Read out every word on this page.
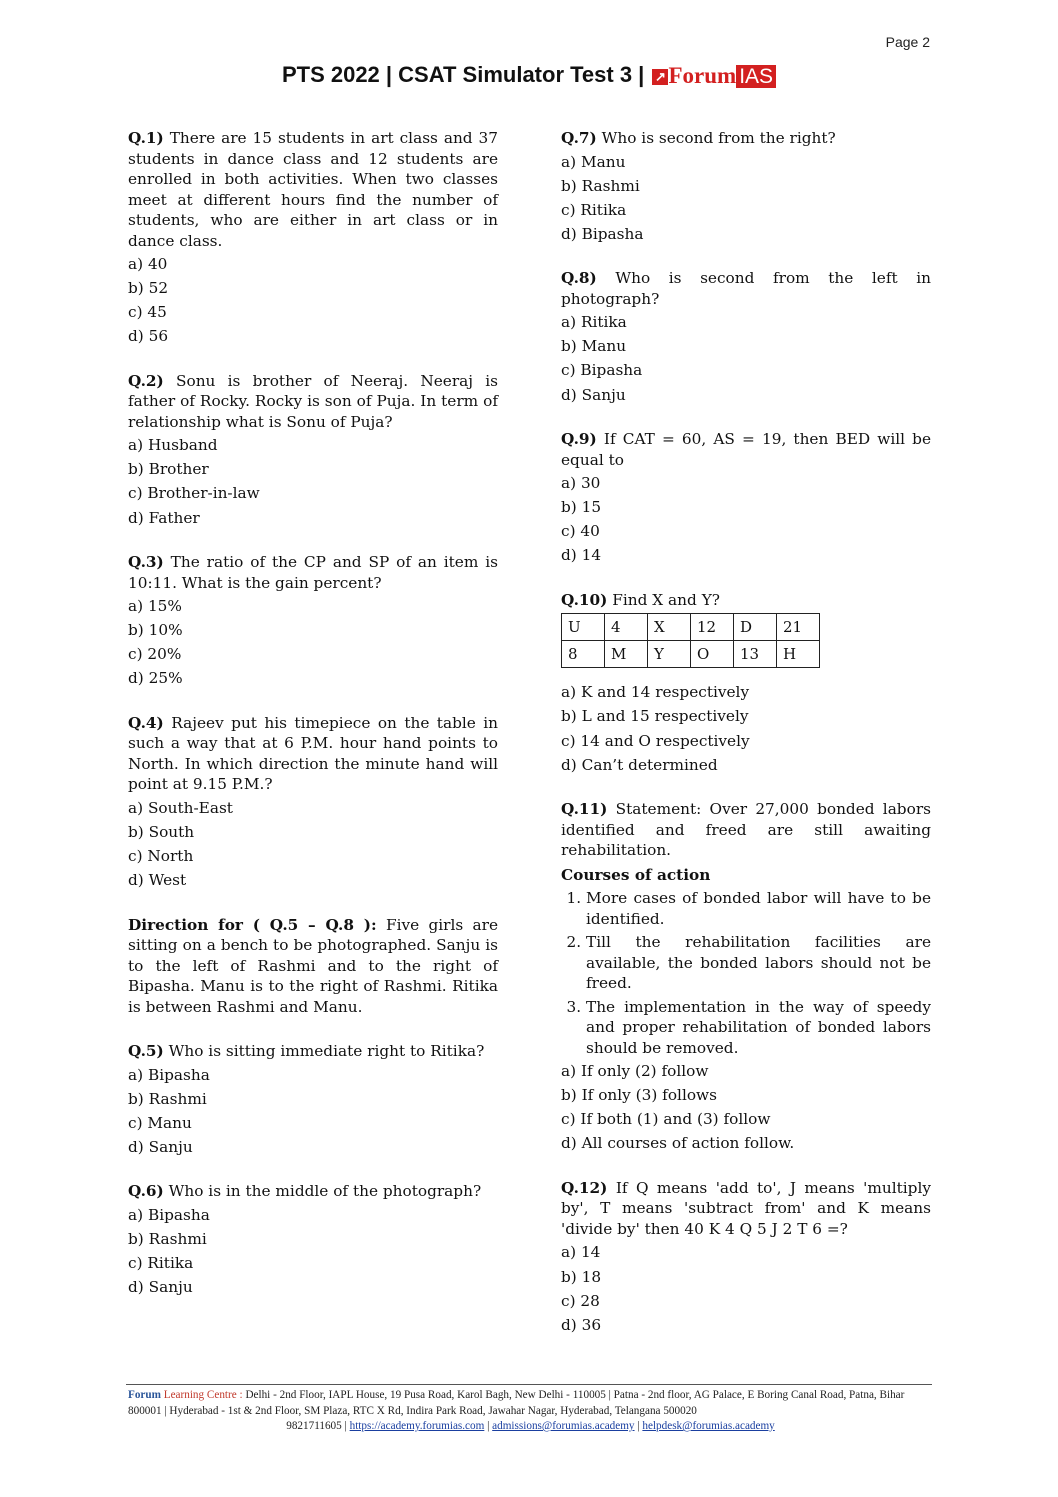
Page 2
PTS 2022 | CSAT Simulator Test 3 | ↗ Forum IAS

Q.1) There are 15 students in art class and 37 students in dance class and 12 students are enrolled in both activities. When two classes meet at different hours find the number of students, who are either in art class or in dance class.

a) 40
b) 52
c) 45
d) 56

Q.2) Sonu is brother of Neeraj. Neeraj is father of Rocky. Rocky is son of Puja. In term of relationship what is Sonu of Puja?

a) Husband
b) Brother
c) Brother-in-law
d) Father

Q.3) The ratio of the CP and SP of an item is 10:11. What is the gain percent?

a) 15%
b) 10%
c) 20%
d) 25%

Q.4) Rajeev put his timepiece on the table in such a way that at 6 P.M. hour hand points to North. In which direction the minute hand will point at 9.15 P.M.?

a) South-East
b) South
c) North
d) West

Direction for ( Q.5 – Q.8 ): Five girls are sitting on a bench to be photographed. Sanju is to the left of Rashmi and to the right of Bipasha. Manu is to the right of Rashmi. Ritika is between Rashmi and Manu.

Q.5) Who is sitting immediate right to Ritika?

a) Bipasha
b) Rashmi
c) Manu
d) Sanju

Q.6) Who is in the middle of the photograph?

a) Bipasha
b) Rashmi
c) Ritika
d) Sanju

Q.7) Who is second from the right?

a) Manu
b) Rashmi
c) Ritika
d) Bipasha

Q.8) Who is second from the left in photograph?

a) Ritika
b) Manu
c) Bipasha
d) Sanju

Q.9) If CAT = 60, AS = 19, then BED will be equal to

a) 30
b) 15
c) 40
d) 14

Q.10) Find X and Y?

U	4	X	12	D	21
8	M	Y	O	13	H
a) K and 14 respectively
b) L and 15 respectively
c) 14 and O respectively
d) Can’t determined

Q.11) Statement: Over 27,000 bonded labors identified and freed are still awaiting rehabilitation.

Courses of action
1. More cases of bonded labor will have to be identified.
2. Till the rehabilitation facilities are available, the bonded labors should not be freed.
3. The implementation in the way of speedy and proper rehabilitation of bonded labors should be removed.
a) If only (2) follow
b) If only (3) follows
c) If both (1) and (3) follow
d) All courses of action follow.

Q.12) If Q means 'add to', J means 'multiply by', T means 'subtract from' and K means 'divide by' then 40 K 4 Q 5 J 2 T 6 =?

a) 14
b) 18
c) 28
d) 36
Forum Learning Centre : Delhi - 2nd Floor, IAPL House, 19 Pusa Road, Karol Bagh, New Delhi - 110005 | Patna - 2nd floor, AG Palace, E Boring Canal Road, Patna, Bihar 800001 | Hyderabad - 1st & 2nd Floor, SM Plaza, RTC X Rd, Indira Park Road, Jawahar Nagar, Hyderabad, Telangana 500020
9821711605 | https://academy.forumias.com | admissions@forumias.academy | helpdesk@forumias.academy
